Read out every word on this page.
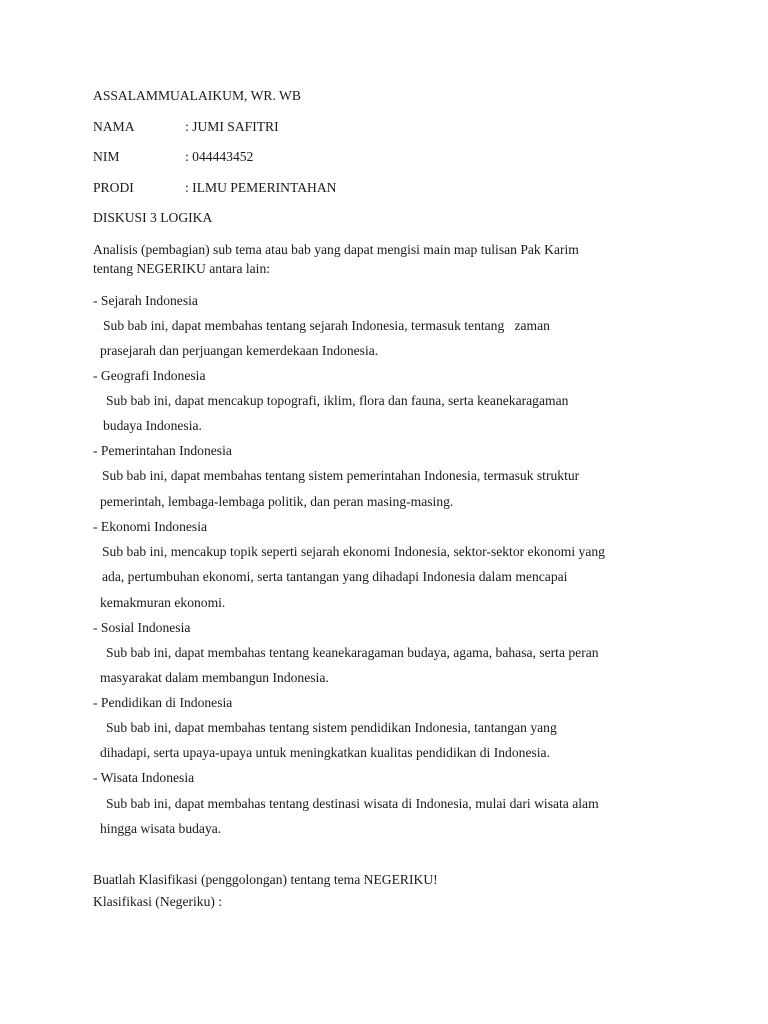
ASSALAMMUALAIKUM, WR. WB
NAMA	: JUMI SAFITRI
NIM	: 044443452
PRODI	: ILMU PEMERINTAHAN
DISKUSI 3 LOGIKA
Analisis (pembagian) sub tema atau bab yang dapat mengisi main map tulisan Pak Karim
tentang NEGERIKU antara lain:
- Sejarah Indonesia
Sub bab ini, dapat membahas tentang sejarah Indonesia, termasuk tentang   zaman
prasejarah dan perjuangan kemerdekaan Indonesia.
- Geografi Indonesia
Sub bab ini, dapat mencakup topografi, iklim, flora dan fauna, serta keanekaragaman
budaya Indonesia.
- Pemerintahan Indonesia
Sub bab ini, dapat membahas tentang sistem pemerintahan Indonesia, termasuk struktur
pemerintah, lembaga-lembaga politik, dan peran masing-masing.
- Ekonomi Indonesia
Sub bab ini, mencakup topik seperti sejarah ekonomi Indonesia, sektor-sektor ekonomi yang
ada, pertumbuhan ekonomi, serta tantangan yang dihadapi Indonesia dalam mencapai
kemakmuran ekonomi.
- Sosial Indonesia
Sub bab ini, dapat membahas tentang keanekaragaman budaya, agama, bahasa, serta peran
masyarakat dalam membangun Indonesia.
- Pendidikan di Indonesia
Sub bab ini, dapat membahas tentang sistem pendidikan Indonesia, tantangan yang
dihadapi, serta upaya-upaya untuk meningkatkan kualitas pendidikan di Indonesia.
- Wisata Indonesia
Sub bab ini, dapat membahas tentang destinasi wisata di Indonesia, mulai dari wisata alam
hingga wisata budaya.
Buatlah Klasifikasi (penggolongan) tentang tema NEGERIKU!
Klasifikasi (Negeriku) :
